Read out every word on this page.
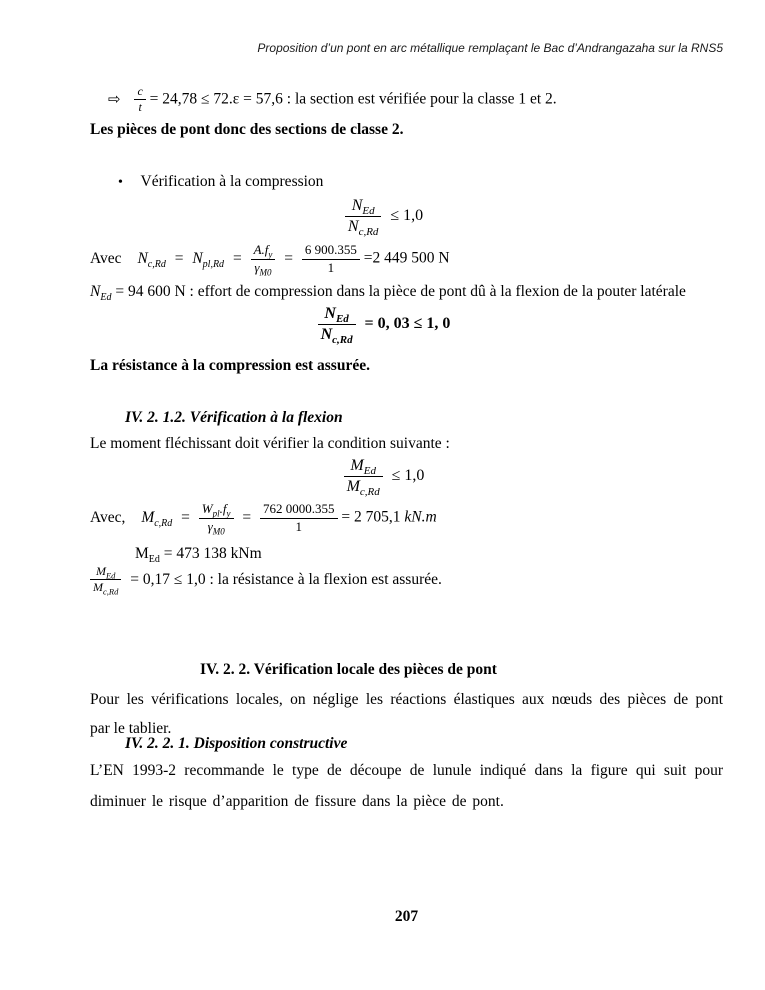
Proposition d’un pont en arc métallique remplaçant le Bac d’Andrangazaha sur la RNS5
⇨ $\frac{c}{t} = 24,78 \le 72.\varepsilon = 57,6$ : la section est vérifiée pour la classe 1 et 2.
Les pièces de pont donc des sections de classe 2.
• Vérification à la compression
$\frac{N_{Ed}}{N_{c,Rd}} \le 1,0$
Avec $N_{c,Rd} = N_{pl,Rd} = \frac{A.f_y}{\gamma_{M0}} = \frac{6 900.355}{1} =2$ 449 500 N
$N_{Ed} = 94$ 600 N : effort de compression dans la pièce de pont dû à la flexion de la pouter latérale
$\frac{N_{Ed}}{N_{c,Rd}} = 0$, 03 ≤ 1, 0
La résistance à la compression est assurée.
IV. 2. 1.2. Vérification à la flexion
Le moment fléchissant doit vérifier la condition suivante :
$\frac{M_{Ed}}{M_{c,Rd}} \le 1,0$
Avec, $M_{c,Rd} = \frac{W_{pl}.f_y}{\gamma_{M0}} = \frac{762 0000.355}{1} = 2$ 705,1 kN.m
$M_{Ed} = 473$ 138 kNm
$\frac{M_{Ed}}{M_{c,Rd}} = 0,17 \le 1,0$ : la résistance à la flexion est assurée.
IV. 2. 2. Vérification locale des pièces de pont
Pour les vérifications locales, on néglige les réactions élastiques aux nœuds des pièces de pont
par le tablier.
IV. 2. 2. 1. Disposition constructive
L’EN 1993-2 recommande le type de découpe de lunule indiqué dans la figure qui suit pour
diminuer le risque d’apparition de fissure dans la pièce de pont.
207
